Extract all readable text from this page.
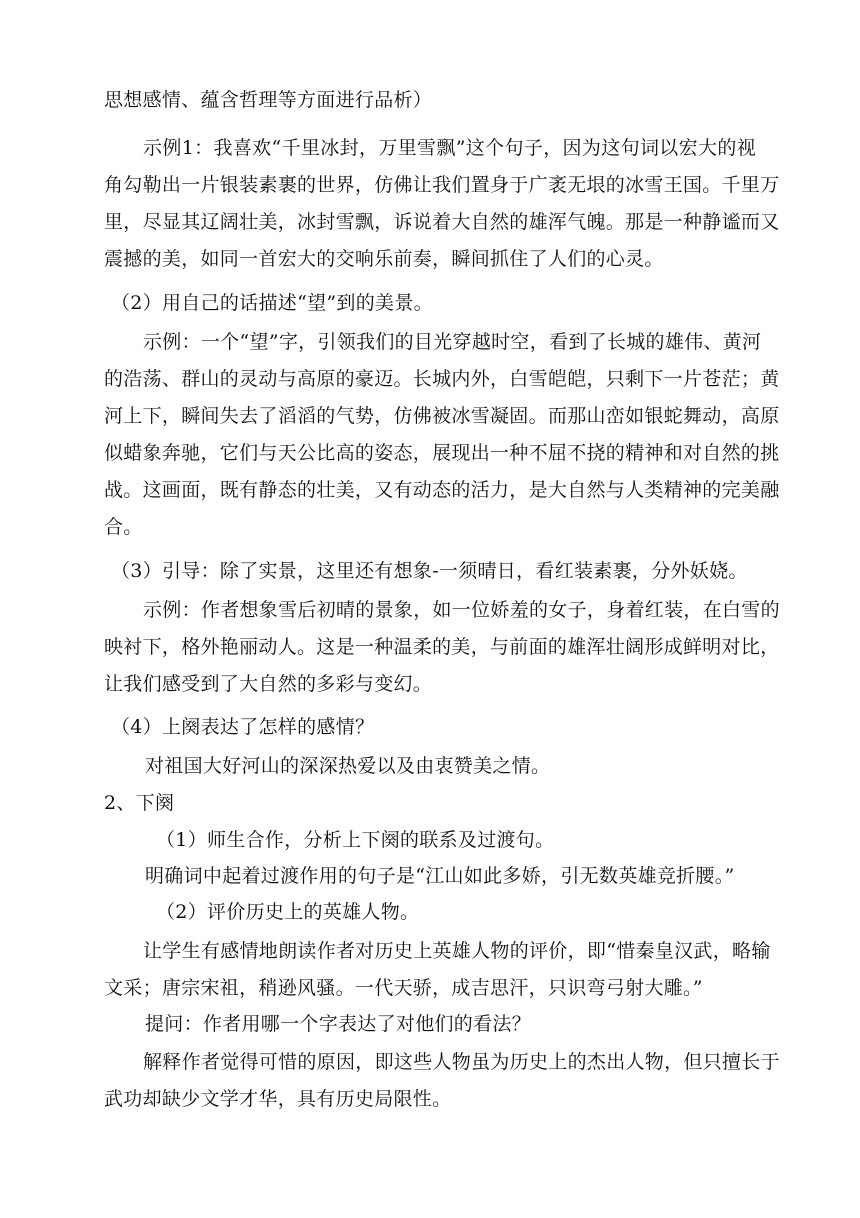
思想感情、蕴含哲理等方面进行品析）
示例1：我喜欢“千里冰封，万里雪飘”这个句子，因为这句词以宏大的视
角勾勒出一片银装素裹的世界，仿佛让我们置身于广袤无垠的冰雪王国。千里万
里，尽显其辽阔壮美，冰封雪飘，诉说着大自然的雄浑气魄。那是一种静谧而又
震撼的美，如同一首宏大的交响乐前奏，瞬间抓住了人们的心灵。
（2）用自己的话描述“望”到的美景。
示例：一个“望”字，引领我们的目光穿越时空，看到了长城的雄伟、黄河
的浩荡、群山的灵动与高原的豪迈。长城内外，白雪皑皑，只剩下一片苍茫；黄
河上下，瞬间失去了滔滔的气势，仿佛被冰雪凝固。而那山峦如银蛇舞动，高原
似蜡象奔驰，它们与天公比高的姿态，展现出一种不屈不挠的精神和对自然的挑
战。这画面，既有静态的壮美，又有动态的活力，是大自然与人类精神的完美融
合。
（3）引导：除了实景，这里还有想象-一须晴日，看红装素裹，分外妖娆。
示例：作者想象雪后初晴的景象，如一位娇羞的女子，身着红装，在白雪的
映衬下，格外艳丽动人。这是一种温柔的美，与前面的雄浑壮阔形成鲜明对比，
让我们感受到了大自然的多彩与变幻。
（4）上阕表达了怎样的感情？
对祖国大好河山的深深热爱以及由衷赞美之情。
2、下阕
（1）师生合作，分析上下阕的联系及过渡句。
明确词中起着过渡作用的句子是“江山如此多娇，引无数英雄竞折腰。”
（2）评价历史上的英雄人物。
让学生有感情地朗读作者对历史上英雄人物的评价，即“惜秦皇汉武，略输
文采；唐宗宋祖，稍逊风骚。一代天骄，成吉思汗，只识弯弓射大雕。”
提问：作者用哪一个字表达了对他们的看法？
解释作者觉得可惜的原因，即这些人物虽为历史上的杰出人物，但只擅长于
武功却缺少文学才华，具有历史局限性。
